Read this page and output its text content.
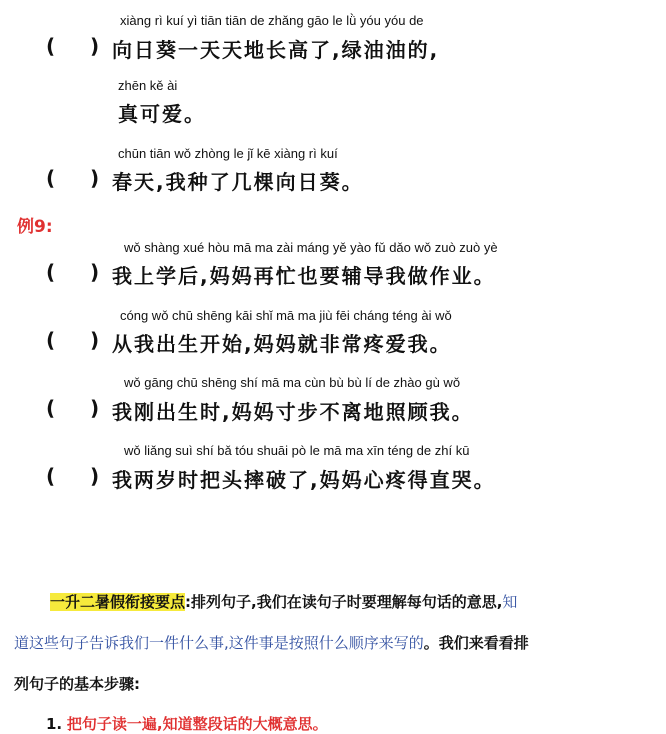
xiàng rì kuí yì tiān tiān de zhǎng gāo le lǜ yóu yóu de
(     ) 向日葵一天天地长高了,绿油油的,
zhēn kě ài
真可爱。
chūn tiān wǒ zhòng le jǐ kē xiàng rì kuí
(     ) 春天,我种了几棵向日葵。
例9:
wǒ shàng xué hòu mā ma zài máng yě yào fǔ dǎo wǒ zuò zuò yè
(     ) 我上学后,妈妈再忙也要辅导我做作业。
cóng wǒ chū shēng kāi shǐ mā ma jiù fēi cháng téng ài wǒ
(     ) 从我出生开始,妈妈就非常疼爱我。
wǒ gāng chū shēng shí mā ma cùn bù bù lí de zhào gù wǒ
(     ) 我刚出生时,妈妈寸步不离地照顾我。
wǒ liǎng suì shí bǎ tóu shuāi pò le mā ma xīn téng de zhí kū
(     ) 我两岁时把头摔破了,妈妈心疼得直哭。
一升二暑假衔接要点:排列句子,我们在读句子时要理解每句话的意思,知
道这些句子告诉我们一件什么事,这件事是按照什么顺序来写的。我们来看看排
列句子的基本步骤:
1. 把句子读一遍,知道整段话的大概意思。
